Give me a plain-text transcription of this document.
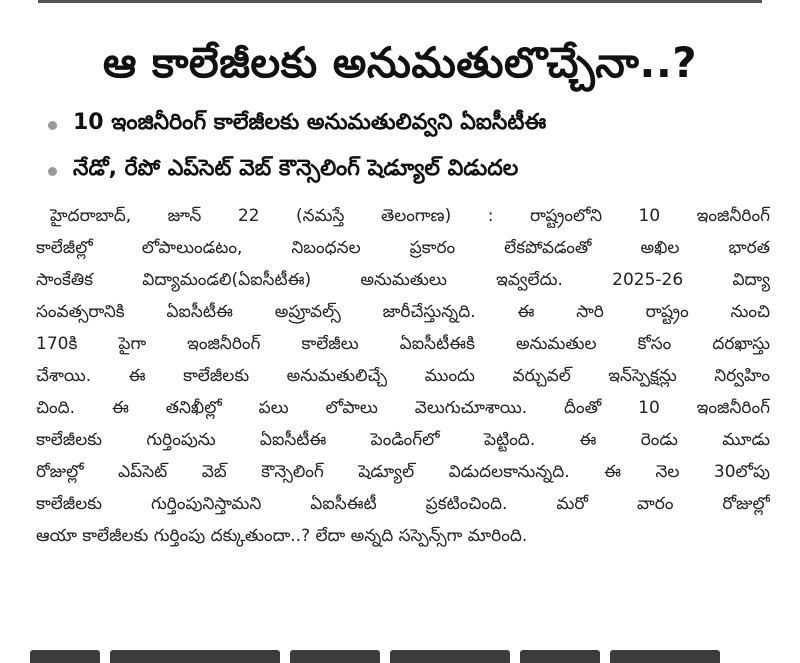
ఆ కాలేజీలకు అనుమతులొచ్చేనా..?
10 ఇంజినీరింగ్ కాలేజీలకు అనుమతులివ్వని ఏఐసీటీఈ
నేడో, రేపో ఎప్‌సెట్ వెబ్ కౌన్సెలింగ్ షెడ్యూల్ విడుదల
హైదరాబాద్, జూన్ 22 (నమస్తే తెలంగాణ) : రాష్ట్రంలోని 10 ఇంజినీరింగ్
కాలేజీల్లో లోపాలుండటం, నిబంధనల ప్రకారం లేకపోవడంతో అఖిల భారత
సాంకేతిక విద్యామండలి(ఏఐసీటీఈ) అనుమతులు ఇవ్వలేదు. 2025-26 విద్యా
సంవత్సరానికి ఏఐసీటీఈ అప్రూవల్స్ జారీచేస్తున్నది. ఈ సారి రాష్ట్రం నుంచి
170కి పైగా ఇంజినీరింగ్ కాలేజీలు ఏఐసీటీఈకి అనుమతుల కోసం దరఖాస్తు
చేశాయి. ఈ కాలేజీలకు అనుమతులిచ్చే ముందు వర్చువల్ ఇన్‌స్పెక్షన్లు నిర్వహిం
చింది. ఈ తనిఖీల్లో పలు లోపాలు వెలుగుచూశాయి. దీంతో 10 ఇంజినీరింగ్
కాలేజీలకు గుర్తింపును ఏఐసీటీఈ పెండింగ్‌లో పెట్టింది. ఈ రెండు మూడు
రోజుల్లో ఎప్‌సెట్ వెబ్ కౌన్సెలింగ్ షెడ్యూల్ విడుదలకానున్నది. ఈ నెల 30లోపు
కాలేజీలకు గుర్తింపునిస్తామని ఏఐసీఈటీ ప్రకటించింది. మరో వారం రోజుల్లో
ఆయా కాలేజీలకు గుర్తింపు దక్కుతుందా..? లేదా అన్నది సస్పెన్స్‌గా మారింది.
